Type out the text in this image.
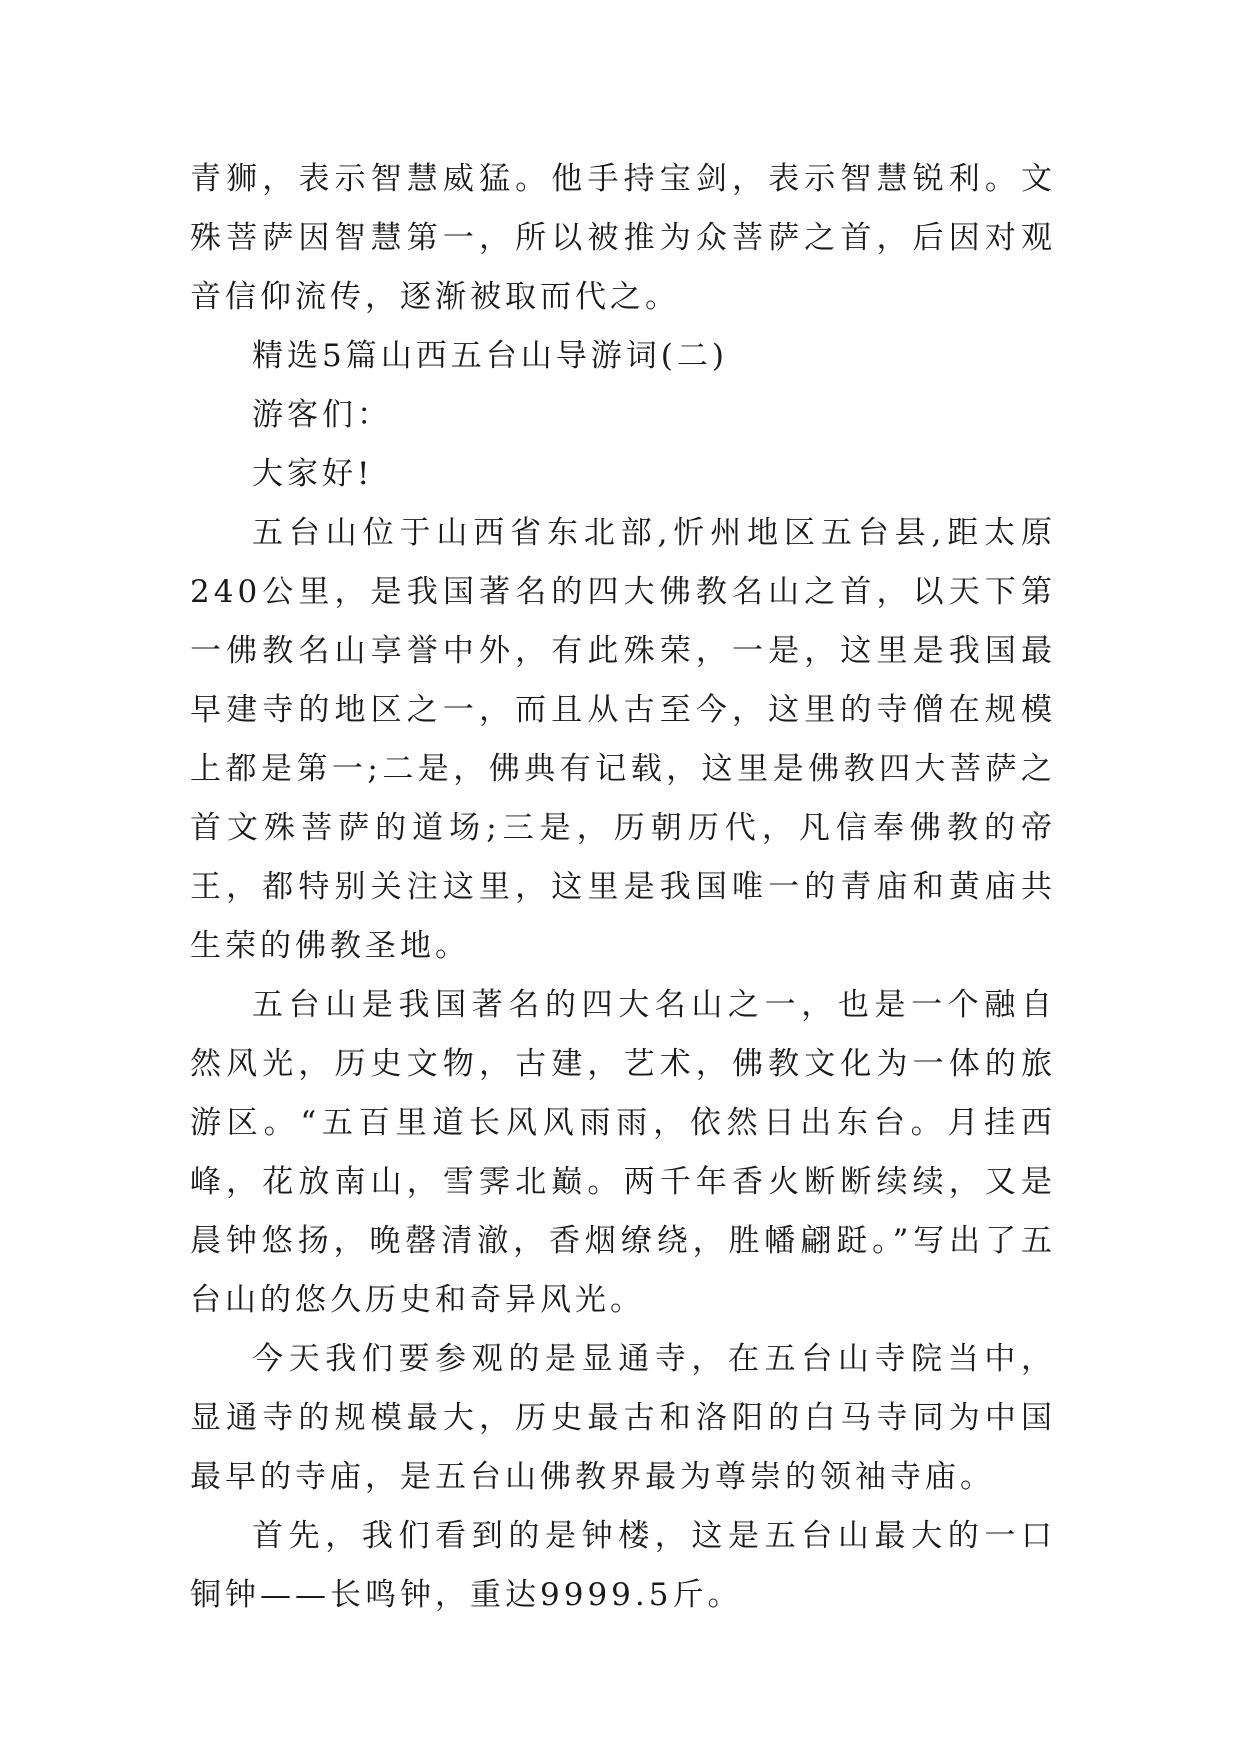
青狮，表示智慧威猛。他手持宝剑，表示智慧锐利。文殊菩萨因智慧第一，所以被推为众菩萨之首，后因对观音信仰流传，逐渐被取而代之。

精选5篇山西五台山导游词(二)

游客们：

大家好!

五台山位于山西省东北部,忻州地区五台县,距太原240公里，是我国著名的四大佛教名山之首，以天下第一佛教名山享誉中外，有此殊荣，一是，这里是我国最早建寺的地区之一，而且从古至今，这里的寺僧在规模上都是第一;二是，佛典有记载，这里是佛教四大菩萨之首文殊菩萨的道场;三是，历朝历代，凡信奉佛教的帝王，都特别关注这里，这里是我国唯一的青庙和黄庙共生荣的佛教圣地。

五台山是我国著名的四大名山之一，也是一个融自然风光，历史文物，古建，艺术，佛教文化为一体的旅游区。“五百里道长风风雨雨，依然日出东台。月挂西峰，花放南山，雪霁北巅。两千年香火断断续续，又是晨钟悠扬，晚罄清澈，香烟缭绕，胜幡翩跹。”写出了五台山的悠久历史和奇异风光。

今天我们要参观的是显通寺，在五台山寺院当中，显通寺的规模最大，历史最古和洛阳的白马寺同为中国最早的寺庙，是五台山佛教界最为尊崇的领袖寺庙。

首先，我们看到的是钟楼，这是五台山最大的一口铜钟——长鸣钟，重达9999.5斤。
